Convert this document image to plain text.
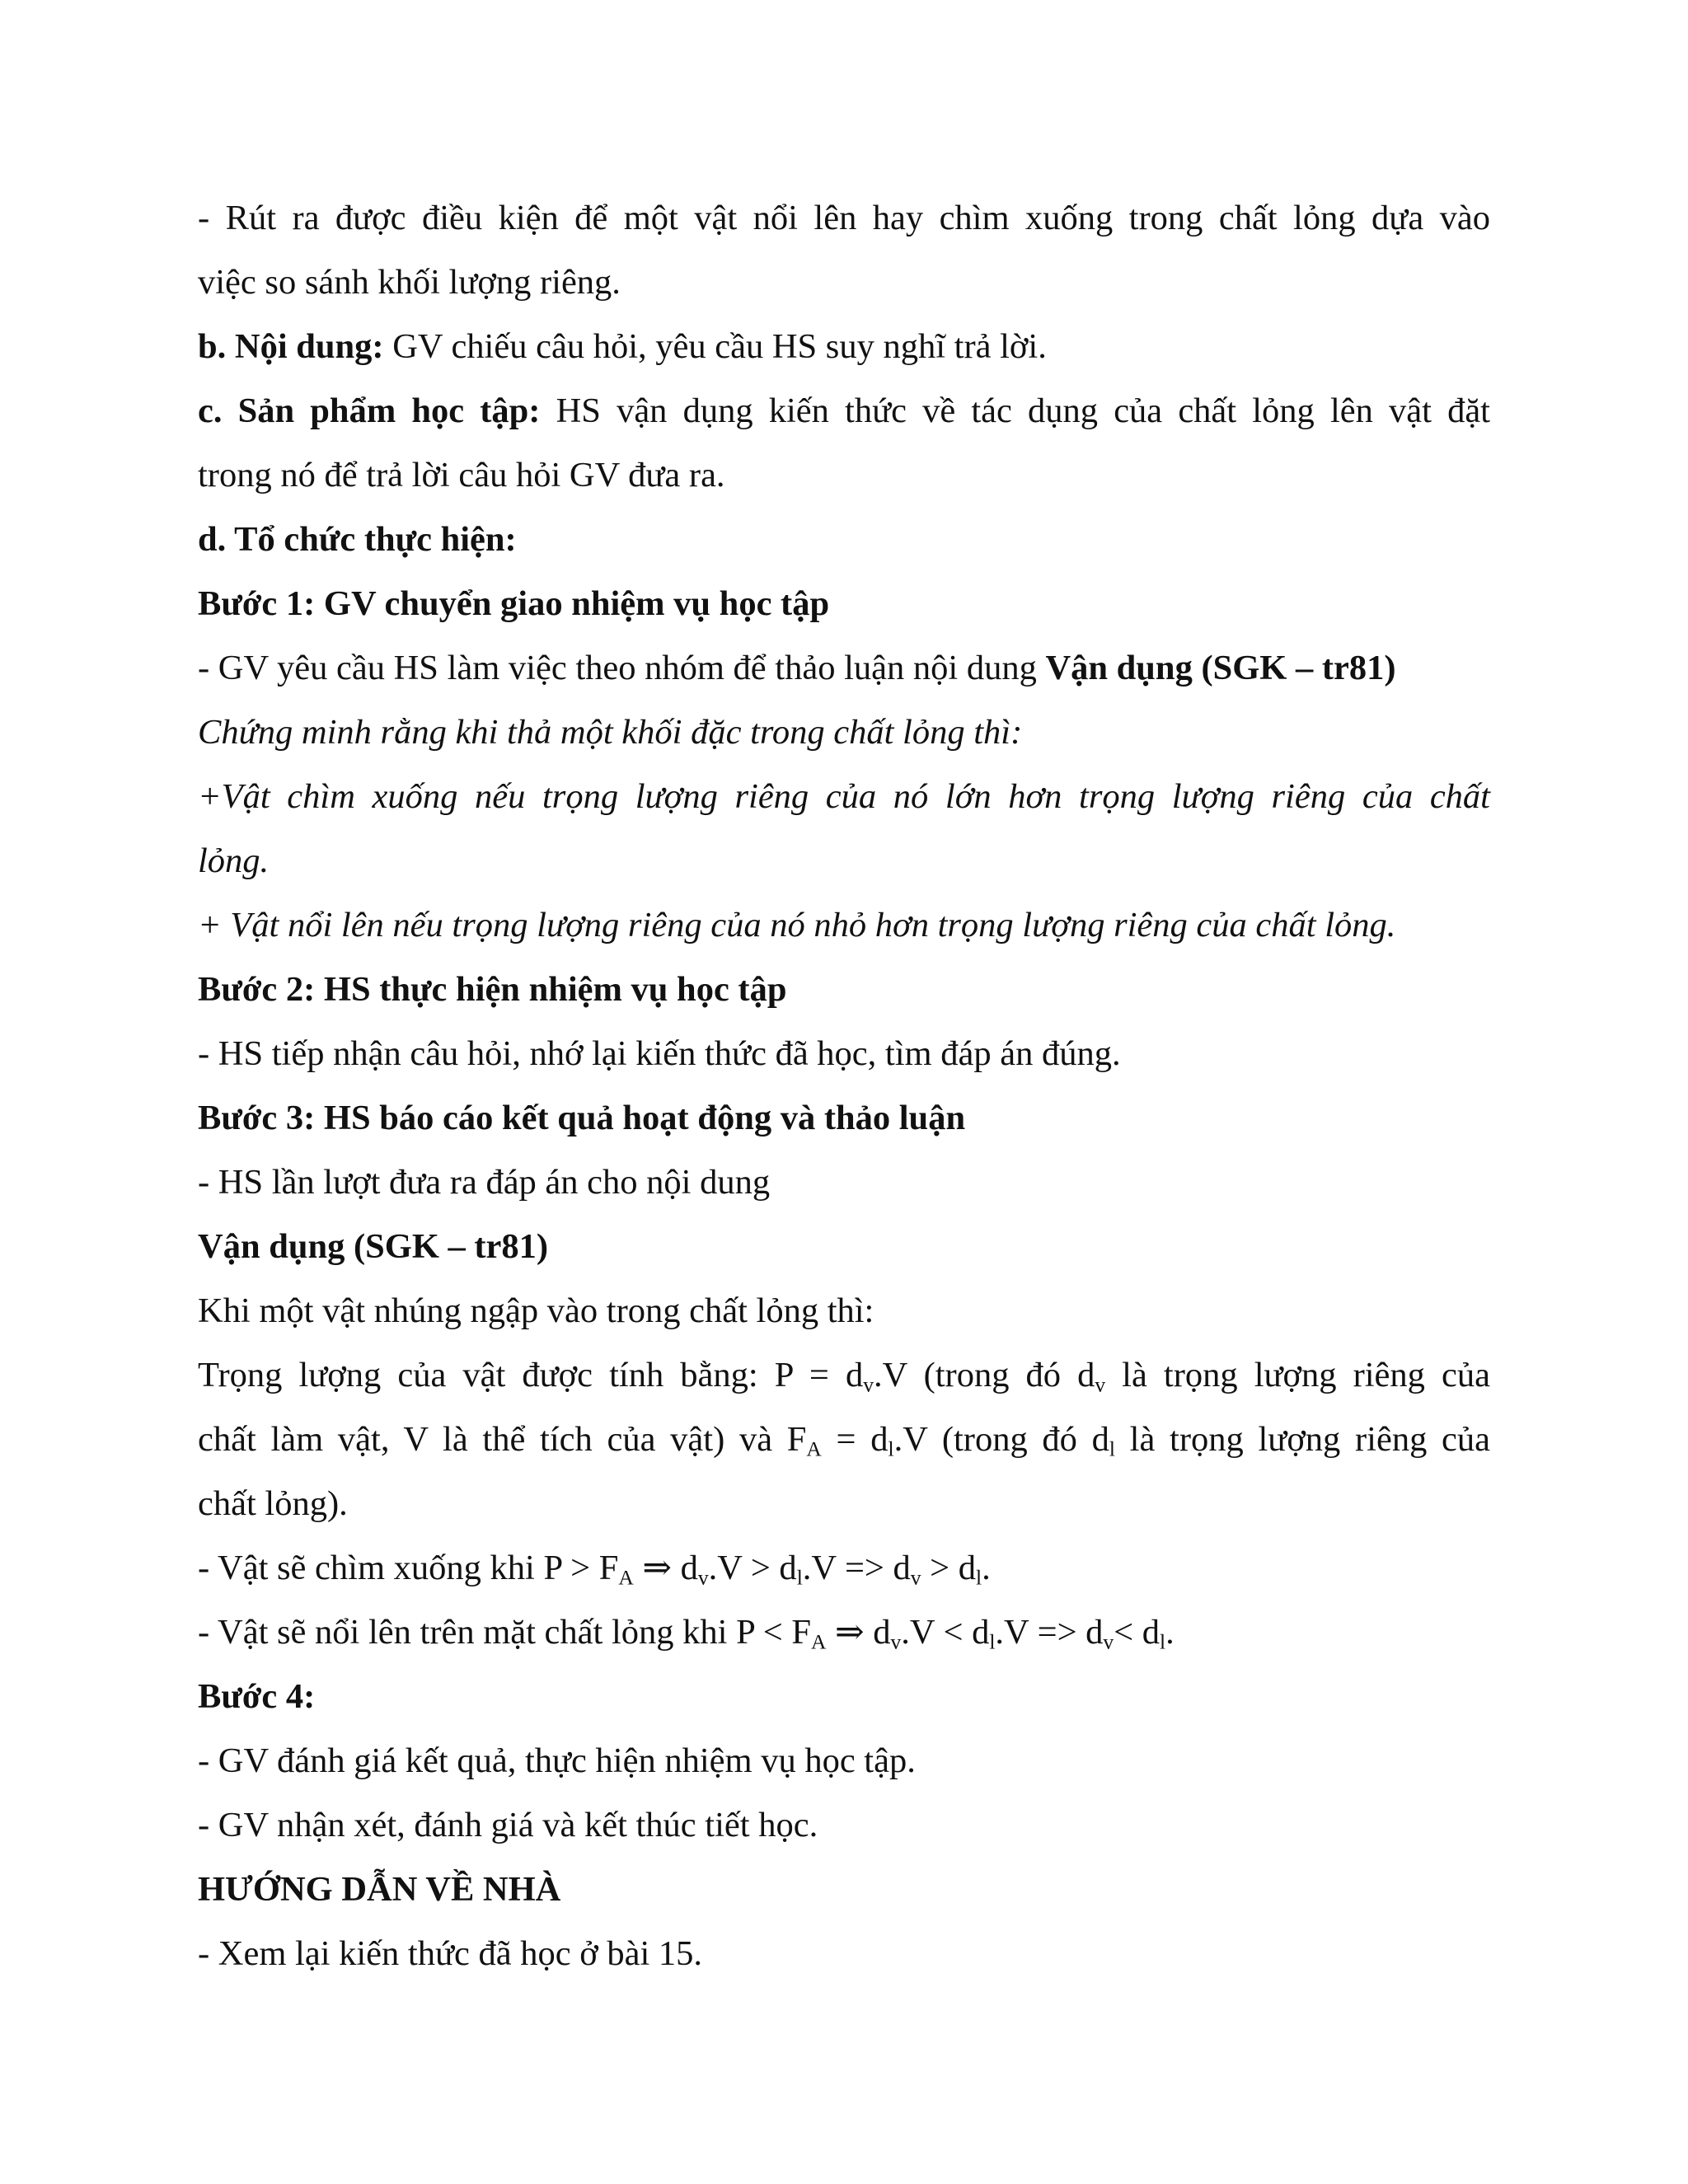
- Rút ra được điều kiện để một vật nổi lên hay chìm xuống trong chất lỏng dựa vào
việc so sánh khối lượng riêng.
b. Nội dung: GV chiếu câu hỏi, yêu cầu HS suy nghĩ trả lời.
c. Sản phẩm học tập: HS vận dụng kiến thức về tác dụng của chất lỏng lên vật đặt
trong nó để trả lời câu hỏi GV đưa ra.
d. Tổ chức thực hiện:
Bước 1: GV chuyển giao nhiệm vụ học tập
- GV yêu cầu HS làm việc theo nhóm để thảo luận nội dung Vận dụng (SGK – tr81)
Chứng minh rằng khi thả một khối đặc trong chất lỏng thì:
+Vật chìm xuống nếu trọng lượng riêng của nó lớn hơn trọng lượng riêng của chất
lỏng.
+ Vật nổi lên nếu trọng lượng riêng của nó nhỏ hơn trọng lượng riêng của chất lỏng.
Bước 2: HS thực hiện nhiệm vụ học tập
- HS tiếp nhận câu hỏi, nhớ lại kiến thức đã học, tìm đáp án đúng.
Bước 3: HS báo cáo kết quả hoạt động và thảo luận
- HS lần lượt đưa ra đáp án cho nội dung
Vận dụng (SGK – tr81)
Khi một vật nhúng ngập vào trong chất lỏng thì:
Trọng lượng của vật được tính bằng: $P = d_v.V$ (trong đó $d_v$ là trọng lượng riêng của
chất làm vật, V là thể tích của vật) và $F_A = d_l.V$ (trong đó $d_l$ là trọng lượng riêng của
chất lỏng).
- Vật sẽ chìm xuống khi $P > F_A$ ⇒ $d_v.V > d_l.V => d_v > d_l$.
- Vật sẽ nổi lên trên mặt chất lỏng khi $P < F_A$ ⇒ $d_v.V < d_l.V => d_v< d_l$.
Bước 4:
- GV đánh giá kết quả, thực hiện nhiệm vụ học tập.
- GV nhận xét, đánh giá và kết thúc tiết học.
HƯỚNG DẪN VỀ NHÀ
- Xem lại kiến thức đã học ở bài 15.
